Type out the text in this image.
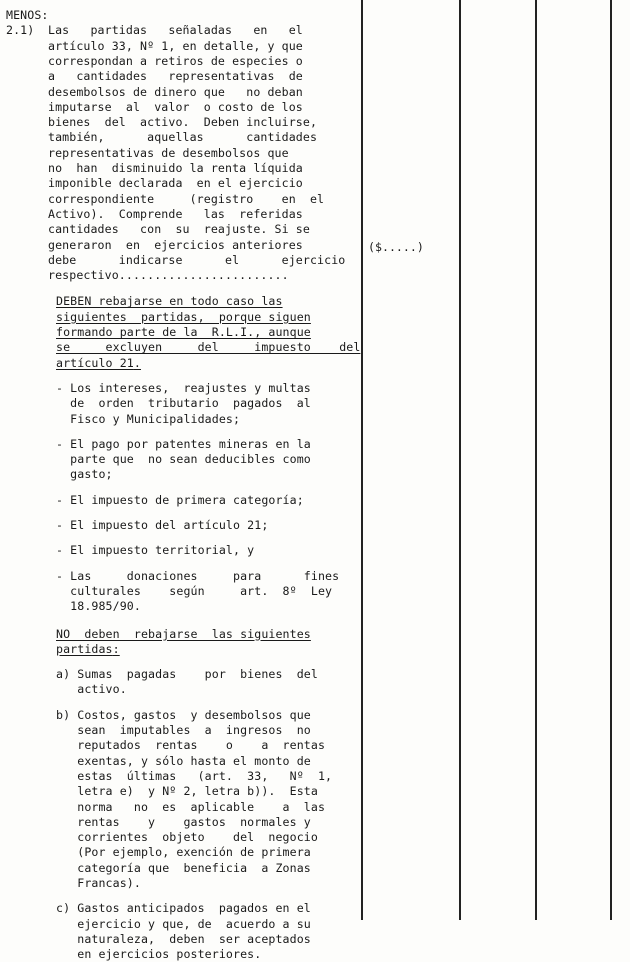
MENOS:
2.1) Las   partidas   señaladas   en   el
artículo 33, Nº 1, en detalle, y que
correspondan a retiros de especies o
a   cantidades   representativas  de
desembolsos de dinero que   no deban
imputarse  al  valor  o costo de los
bienes  del  activo.  Deben incluirse,
también,      aquellas      cantidades
representativas de desembolsos que
no  han  disminuido la renta líquida
imponible declarada  en el ejercicio
correspondiente     (registro    en  el
Activo).  Comprende   las  referidas
cantidades   con  su  reajuste. Si se
generaron  en  ejercicios anteriores
debe      indicarse      el      ejercicio
respectivo........................
DEBEN rebajarse en todo caso las
siguientes  partidas,  porque siguen
formando parte de la  R.L.I., aunque
se     excluyen     del     impuesto    del
artículo 21.
- Los intereses,  reajustes y multas
de  orden  tributario  pagados  al
Fisco y Municipalidades;
- El pago por patentes mineras en la
parte que  no sean deducibles como
gasto;
- El impuesto de primera categoría;
- El impuesto del artículo 21;
- El impuesto territorial, y
- Las     donaciones     para      fines
culturales    según     art.  8º  Ley
18.985/90.
NO  deben  rebajarse  las siguientes
partidas:
a) Sumas  pagadas    por  bienes  del
activo.
b) Costos, gastos  y desembolsos que
sean  imputables  a  ingresos  no
reputados  rentas    o    a  rentas
exentas, y sólo hasta el monto de
estas  últimas   (art.  33,   Nº  1,
letra e)  y Nº 2, letra b)).  Esta
norma   no  es  aplicable    a  las
rentas    y    gastos  normales y
corrientes  objeto    del  negocio
(Por ejemplo, exención de primera
categoría que  beneficia  a Zonas
Francas).
c) Gastos anticipados  pagados en el
ejercicio y que, de  acuerdo a su
naturaleza,  deben  ser aceptados
en ejercicios posteriores.
($.....)
